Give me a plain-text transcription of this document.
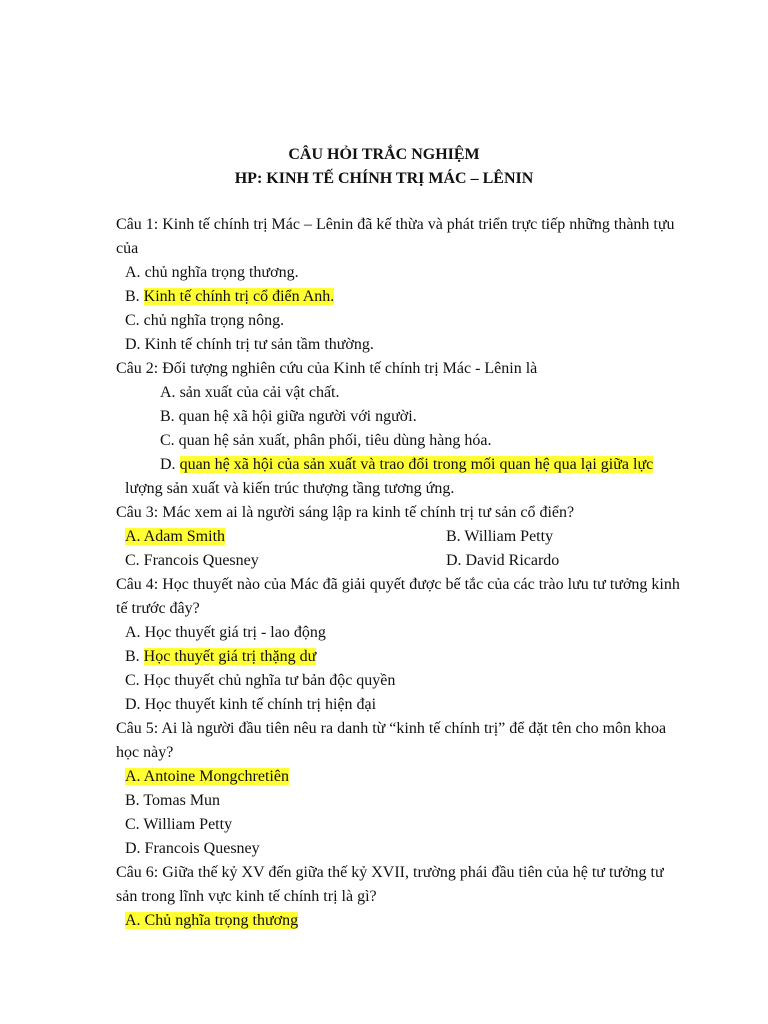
CÂU HỎI TRẮC NGHIỆM
HP: KINH TẾ CHÍNH TRỊ MÁC – LÊNIN
Câu 1: Kinh tế chính trị Mác – Lênin đã kế thừa và phát triển trực tiếp những thành tựu
của
A. chủ nghĩa trọng thương.
B. Kinh tế chính trị cổ điển Anh.
C. chủ nghĩa trọng nông.
D. Kinh tế chính trị tư sản tầm thường.
Câu 2: Đối tượng nghiên cứu của Kinh tế chính trị Mác - Lênin là
A. sản xuất của cải vật chất.
B. quan hệ xã hội giữa người với người.
C. quan hệ sản xuất, phân phối, tiêu dùng hàng hóa.
D. quan hệ xã hội của sản xuất và trao đổi trong mối quan hệ qua lại giữa lực
lượng sản xuất và kiến trúc thượng tầng tương ứng.
Câu 3: Mác xem ai là người sáng lập ra kinh tế chính trị tư sản cổ điển?
A. Adam Smith	B. William Petty
C. Francois Quesney	D. David Ricardo
Câu 4: Học thuyết nào của Mác đã giải quyết được bế tắc của các trào lưu tư tưởng kinh
tế trước đây?
A. Học thuyết giá trị - lao động
B. Học thuyết giá trị thặng dư
C. Học thuyết chủ nghĩa tư bản độc quyền
D. Học thuyết kinh tế chính trị hiện đại
Câu 5: Ai là người đầu tiên nêu ra danh từ “kinh tế chính trị” để đặt tên cho môn khoa
học này?
A. Antoine Mongchretiên
B. Tomas Mun
C. William Petty
D. Francois Quesney
Câu 6: Giữa thế kỷ XV đến giữa thế kỷ XVII, trường phái đầu tiên của hệ tư tưởng tư
sản trong lĩnh vực kinh tế chính trị là gì?
A. Chủ nghĩa trọng thương
